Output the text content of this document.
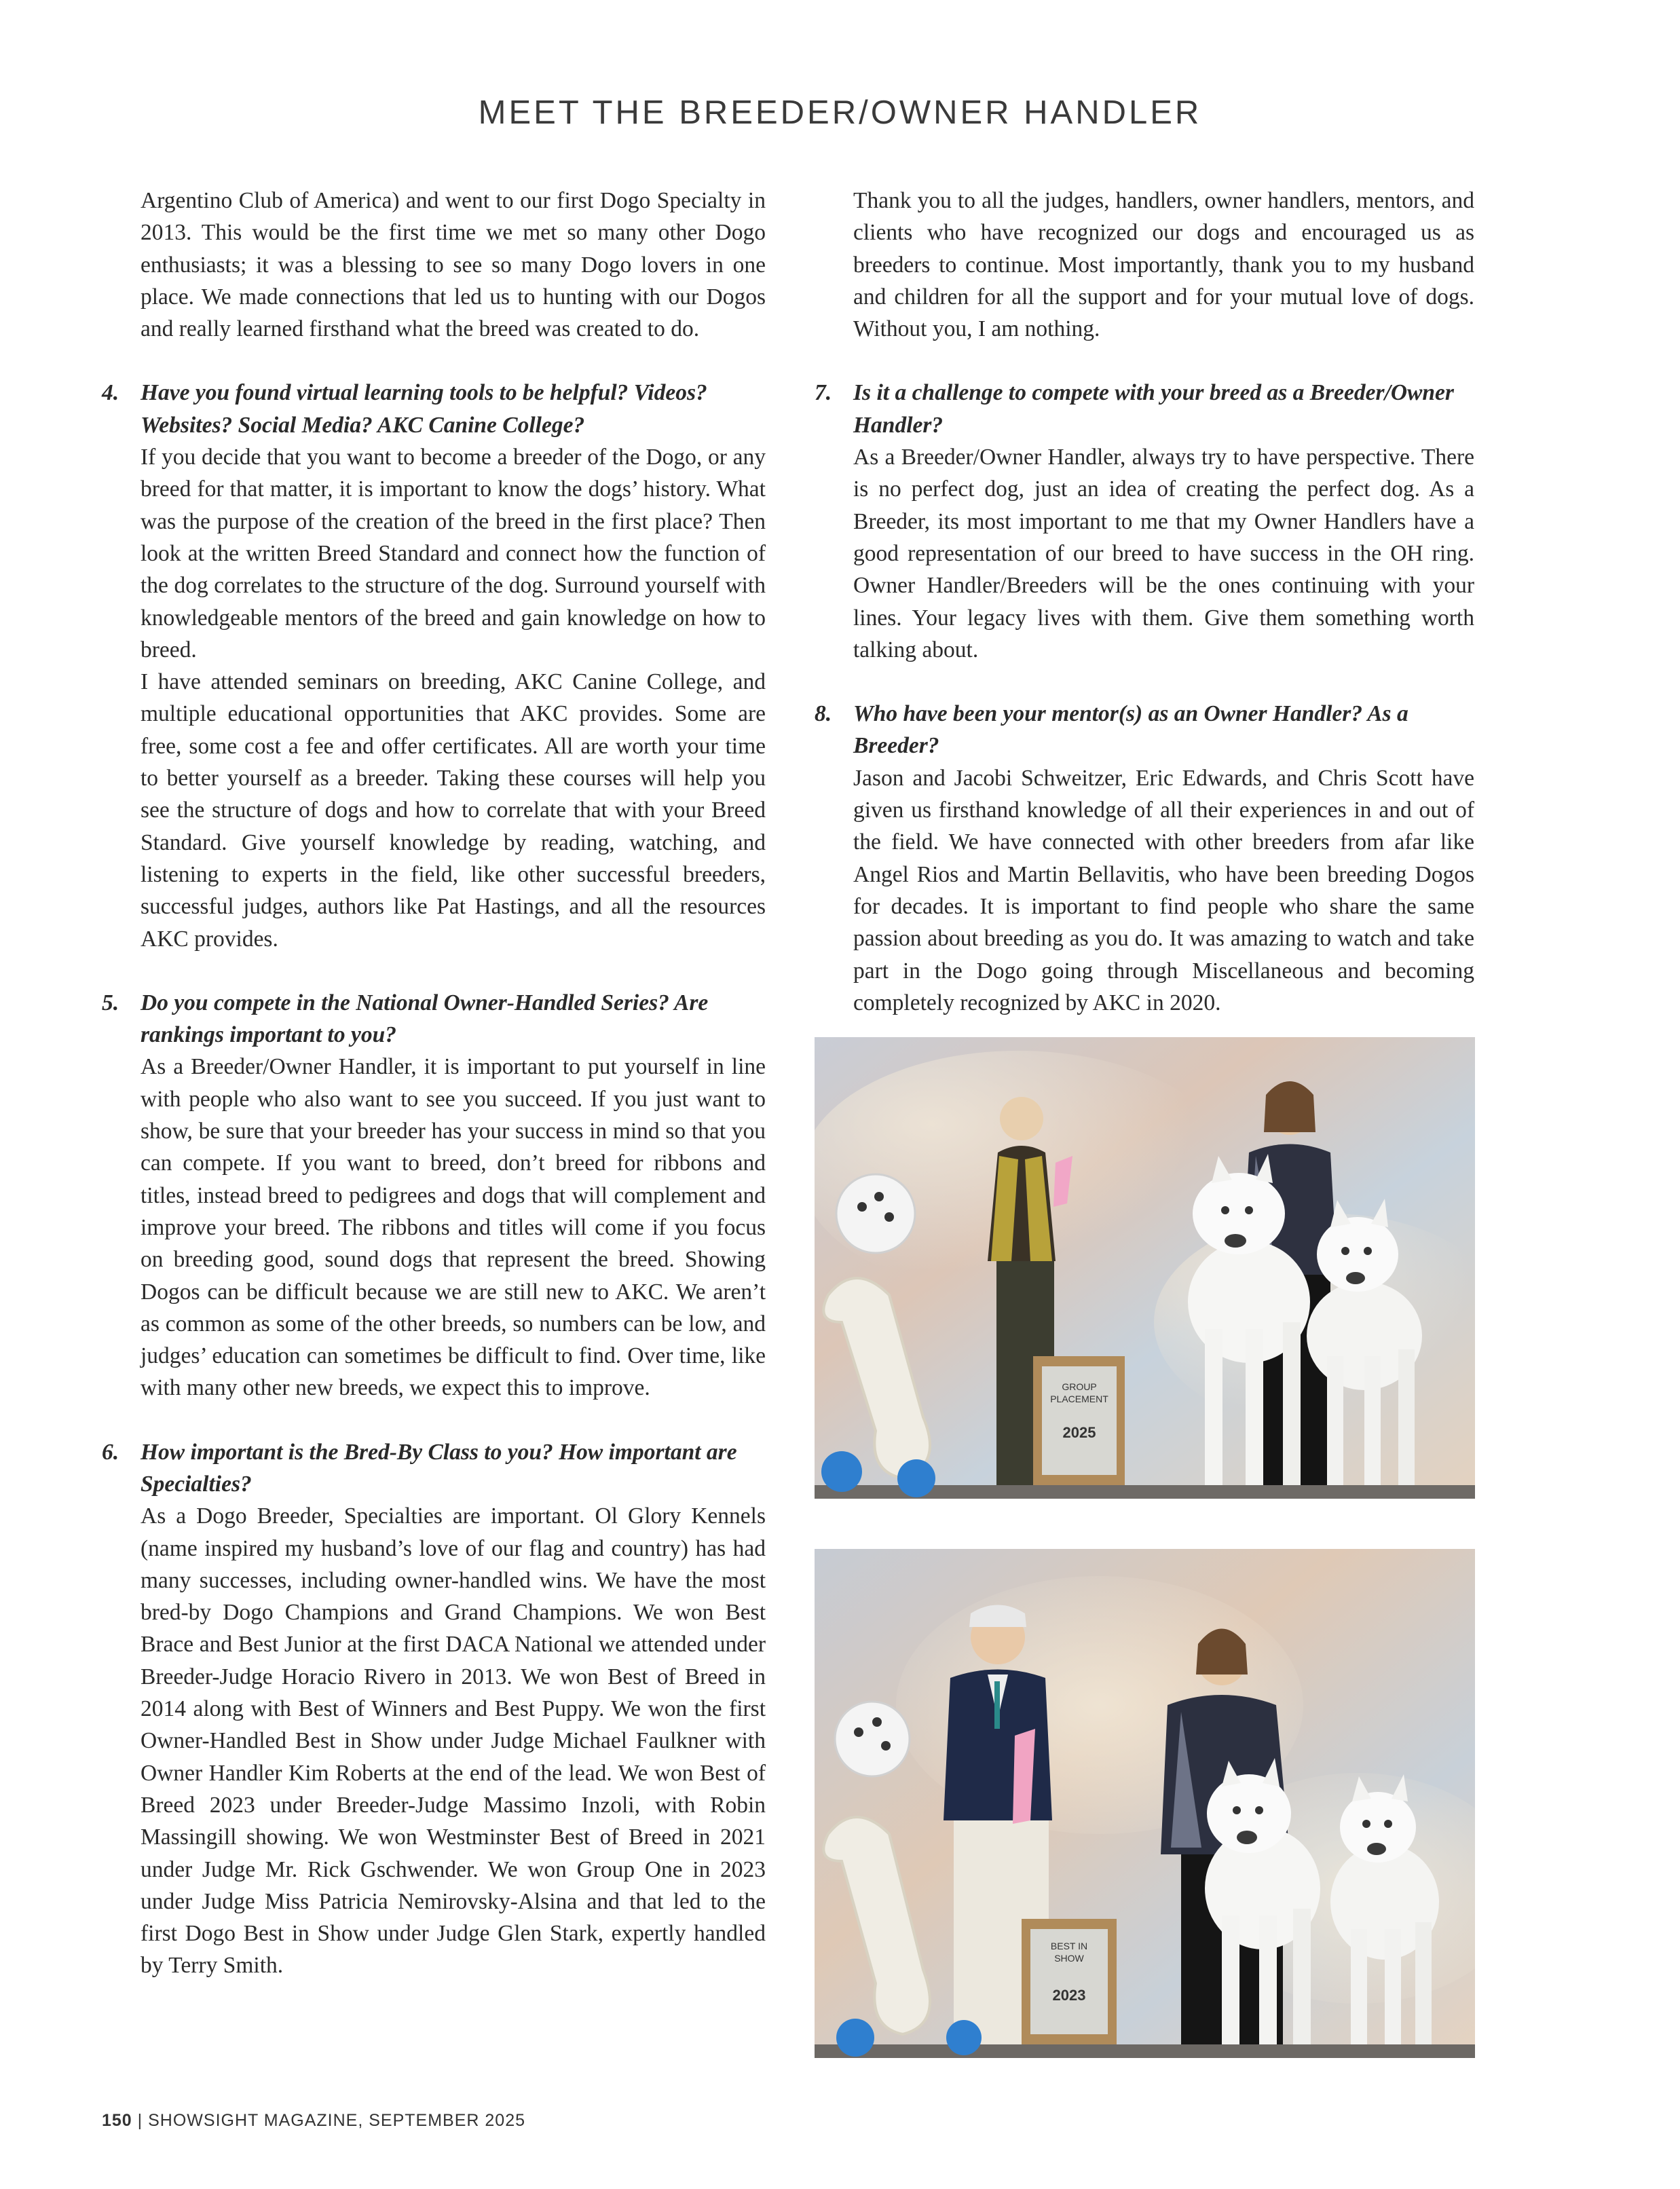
MEET THE BREEDER/OWNER HANDLER

Argentino Club of America) and went to our first Dogo Specialty in 2013. This would be the first time we met so many other Dogo enthusiasts; it was a blessing to see so many Dogo lovers in one place. We made connections that led us to hunting with our Dogos and really learned firsthand what the breed was created to do.

4. Have you found virtual learning tools to be helpful? Videos? Websites? Social Media? AKC Canine College?

If you decide that you want to become a breeder of the Dogo, or any breed for that matter, it is important to know the dogs’ history. What was the purpose of the creation of the breed in the first place? Then look at the written Breed Standard and connect how the function of the dog correlates to the structure of the dog. Surround yourself with knowledgeable mentors of the breed and gain knowledge on how to breed.

I have attended seminars on breeding, AKC Canine College, and multiple educational opportunities that AKC provides. Some are free, some cost a fee and offer certificates. All are worth your time to better yourself as a breeder. Taking these courses will help you see the structure of dogs and how to correlate that with your Breed Standard. Give yourself knowledge by reading, watching, and listening to experts in the field, like other successful breeders, successful judges, authors like Pat Hastings, and all the resources AKC provides.

5. Do you compete in the National Owner-Handled Series? Are rankings important to you?

As a Breeder/Owner Handler, it is important to put yourself in line with people who also want to see you succeed. If you just want to show, be sure that your breeder has your success in mind so that you can compete. If you want to breed, don’t breed for ribbons and titles, instead breed to pedigrees and dogs that will complement and improve your breed. The ribbons and titles will come if you focus on breeding good, sound dogs that represent the breed. Showing Dogos can be difficult because we are still new to AKC. We aren’t as common as some of the other breeds, so numbers can be low, and judges’ education can sometimes be difficult to find. Over time, like with many other new breeds, we expect this to improve.

6. How important is the Bred-By Class to you? How important are Specialties?

As a Dogo Breeder, Specialties are important. Ol Glory Kennels (name inspired my husband’s love of our flag and country) has had many successes, including owner-handled wins. We have the most bred-by Dogo Champions and Grand Champions. We won Best Brace and Best Junior at the first DACA National we attended under Breeder-Judge Horacio Rivero in 2013. We won Best of Breed in 2014 along with Best of Winners and Best Puppy. We won the first Owner-Handled Best in Show under Judge Michael Faulkner with Owner Handler Kim Roberts at the end of the lead. We won Best of Breed 2023 under Breeder-Judge Massimo Inzoli, with Robin Massingill showing. We won Westminster Best of Breed in 2021 under Judge Mr. Rick Gschwender. We won Group One in 2023 under Judge Miss Patricia Nemirovsky-Alsina and that led to the first Dogo Best in Show under Judge Glen Stark, expertly handled by Terry Smith.

Thank you to all the judges, handlers, owner handlers, mentors, and clients who have recognized our dogs and encouraged us as breeders to continue. Most importantly, thank you to my husband and children for all the support and for your mutual love of dogs. Without you, I am nothing.

7. Is it a challenge to compete with your breed as a Breeder/Owner Handler?

As a Breeder/Owner Handler, always try to have perspective. There is no perfect dog, just an idea of creating the perfect dog. As a Breeder, its most important to me that my Owner Handlers have a good representation of our breed to have success in the OH ring. Owner Handler/Breeders will be the ones continuing with your lines. Your legacy lives with them. Give them something worth talking about.

8. Who have been your mentor(s) as an Owner Handler? As a Breeder?

Jason and Jacobi Schweitzer, Eric Edwards, and Chris Scott have given us firsthand knowledge of all their experiences in and out of the field. We have connected with other breeders from afar like Angel Rios and Martin Bellavitis, who have been breeding Dogos for decades. It is important to find people who share the same passion about breeding as you do. It was amazing to watch and take part in the Dogo going through Miscellaneous and becoming completely recognized by AKC in 2020.

GROUP
PLACEMENT
2025
BEST IN
SHOW
2023
150 | SHOWSIGHT MAGAZINE, SEPTEMBER 2025
